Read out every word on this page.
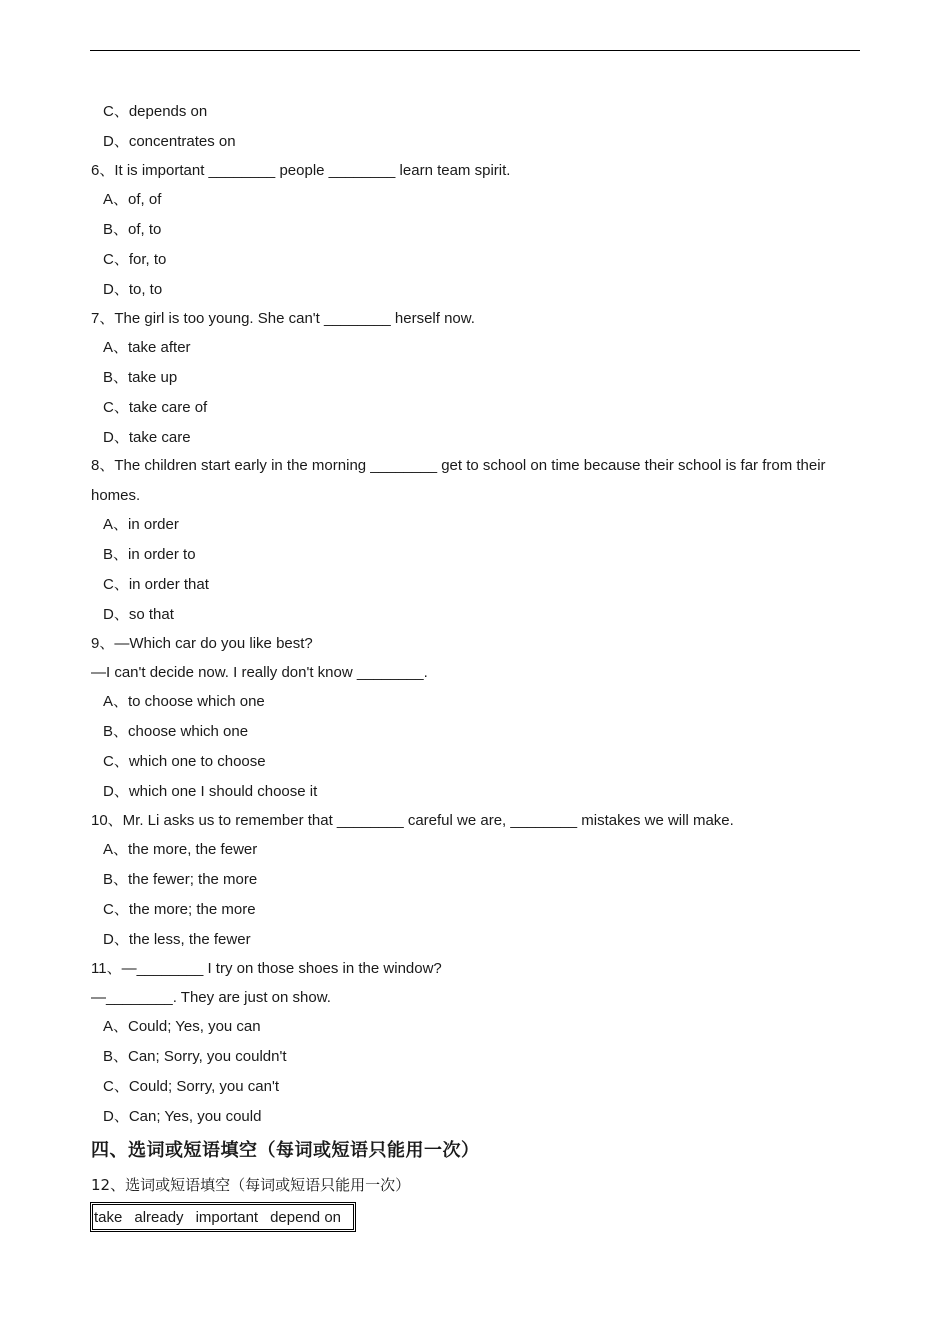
C、depends on
D、concentrates on
6、It is important ________ people ________ learn team spirit.
A、of, of
B、of, to
C、for, to
D、to, to
7、The girl is too young. She can't ________ herself now.
A、take after
B、take up
C、take care of
D、take care
8、The children start early in the morning ________ get to school on time because their school is far from their
homes.
A、in order
B、in order to
C、in order that
D、so that
9、—Which car do you like best?
—I can't decide now. I really don't know ________.
A、to choose which one
B、choose which one
C、which one to choose
D、which one I should choose it
10、Mr. Li asks us to remember that ________ careful we are, ________ mistakes we will make.
A、the more, the fewer
B、the fewer; the more
C、the more; the more
D、the less, the fewer
11、—________ I try on those shoes in the window?
—________. They are just on show.
A、Could; Yes, you can
B、Can; Sorry, you couldn't
C、Could; Sorry, you can't
D、Can; Yes, you could
四、选词或短语填空（每词或短语只能用一次）
12、选词或短语填空（每词或短语只能用一次）
take already important depend on
